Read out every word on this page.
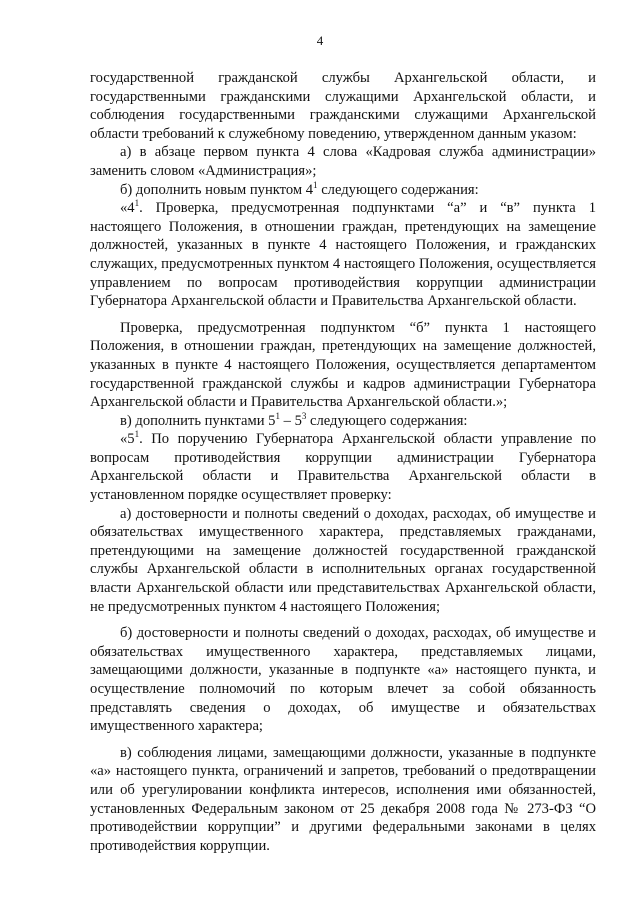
4

государственной гражданской службы Архангельской области, и государственными гражданскими служащими Архангельской области, и соблюдения государственными гражданскими служащими Архангельской области требований к служебному поведению, утвержденном данным указом:

а) в абзаце первом пункта 4 слова «Кадровая служба администрации» заменить словом «Администрация»;

б) дополнить новым пунктом $4^1$ следующего содержания:

«$4^1$. Проверка, предусмотренная подпунктами “а” и “в” пункта 1 настоящего Положения, в отношении граждан, претендующих на замещение должностей, указанных в пункте 4 настоящего Положения, и гражданских служащих, предусмотренных пунктом 4 настоящего Положения, осуществляется управлением по вопросам противодействия коррупции администрации Губернатора Архангельской области и Правительства Архангельской области.

Проверка, предусмотренная подпунктом “б” пункта 1 настоящего Положения, в отношении граждан, претендующих на замещение должностей, указанных в пункте 4 настоящего Положения, осуществляется департаментом государственной гражданской службы и кадров администрации Губернатора Архангельской области и Правительства Архангельской области.»;

в) дополнить пунктами $5^1 - 5^3$ следующего содержания:

«$5^1$. По поручению Губернатора Архангельской области управление по вопросам противодействия коррупции администрации Губернатора Архангельской области и Правительства Архангельской области в установленном порядке осуществляет проверку:

а) достоверности и полноты сведений о доходах, расходах, об имуществе и обязательствах имущественного характера, представляемых гражданами, претендующими на замещение должностей государственной гражданской службы Архангельской области в исполнительных органах государственной власти Архангельской области или представительствах Архангельской области, не предусмотренных пунктом 4 настоящего Положения;

б) достоверности и полноты сведений о доходах, расходах, об имуществе и обязательствах имущественного характера, представляемых лицами, замещающими должности, указанные в подпункте «а» настоящего пункта, и осуществление полномочий по которым влечет за собой обязанность представлять сведения о доходах, об имуществе и обязательствах имущественного характера;

в) соблюдения лицами, замещающими должности, указанные в подпункте «а» настоящего пункта, ограничений и запретов, требований о предотвращении или об урегулировании конфликта интересов, исполнения ими обязанностей, установленных Федеральным законом от 25 декабря 2008 года № 273-ФЗ “О противодействии коррупции” и другими федеральными законами в целях противодействия коррупции.
